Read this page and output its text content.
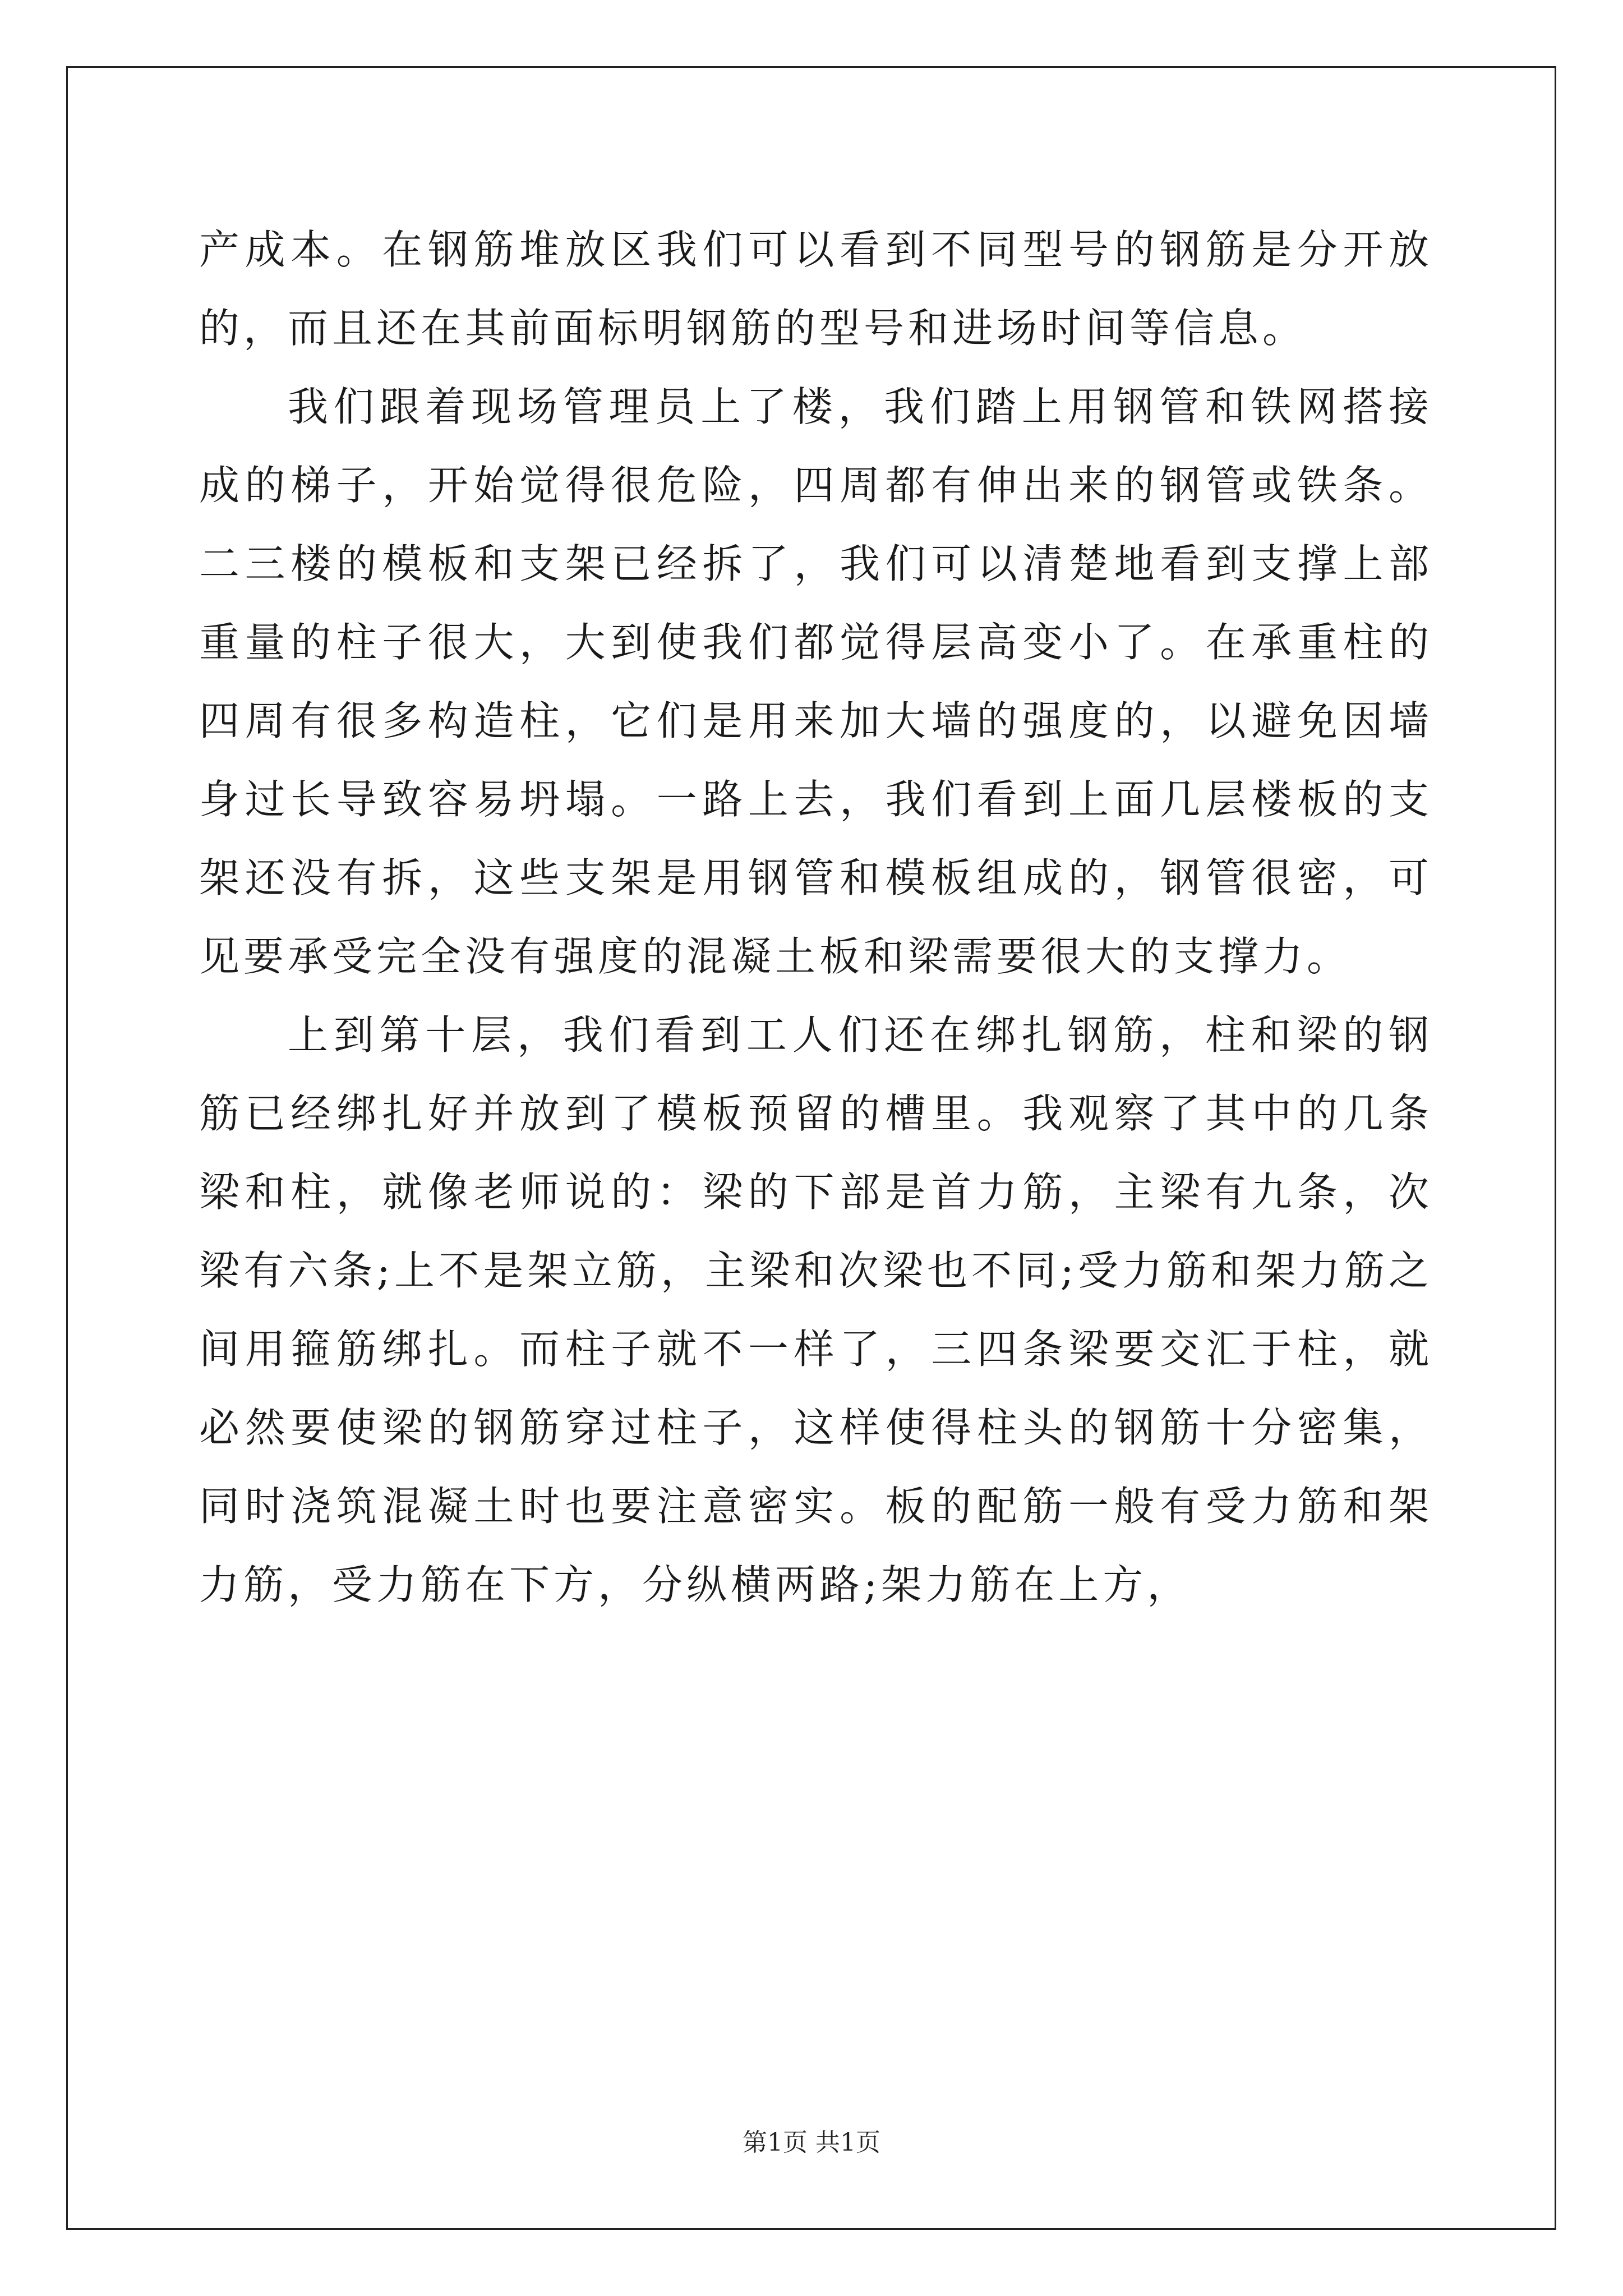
产成本。在钢筋堆放区我们可以看到不同型号的钢筋是分开放的，而且还在其前面标明钢筋的型号和进场时间等信息。

我们跟着现场管理员上了楼，我们踏上用钢管和铁网搭接成的梯子，开始觉得很危险，四周都有伸出来的钢管或铁条。二三楼的模板和支架已经拆了，我们可以清楚地看到支撑上部重量的柱子很大，大到使我们都觉得层高变小了。在承重柱的四周有很多构造柱，它们是用来加大墙的强度的，以避免因墙身过长导致容易坍塌。一路上去，我们看到上面几层楼板的支架还没有拆，这些支架是用钢管和模板组成的，钢管很密，可见要承受完全没有强度的混凝土板和梁需要很大的支撑力。

上到第十层，我们看到工人们还在绑扎钢筋，柱和梁的钢筋已经绑扎好并放到了模板预留的槽里。我观察了其中的几条梁和柱，就像老师说的：梁的下部是首力筋，主梁有九条，次梁有六条;上不是架立筋，主梁和次梁也不同;受力筋和架力筋之间用箍筋绑扎。而柱子就不一样了，三四条梁要交汇于柱，就必然要使梁的钢筋穿过柱子，这样使得柱头的钢筋十分密集，同时浇筑混凝土时也要注意密实。板的配筋一般有受力筋和架力筋，受力筋在下方，分纵横两路;架力筋在上方，

第1页 共1页
